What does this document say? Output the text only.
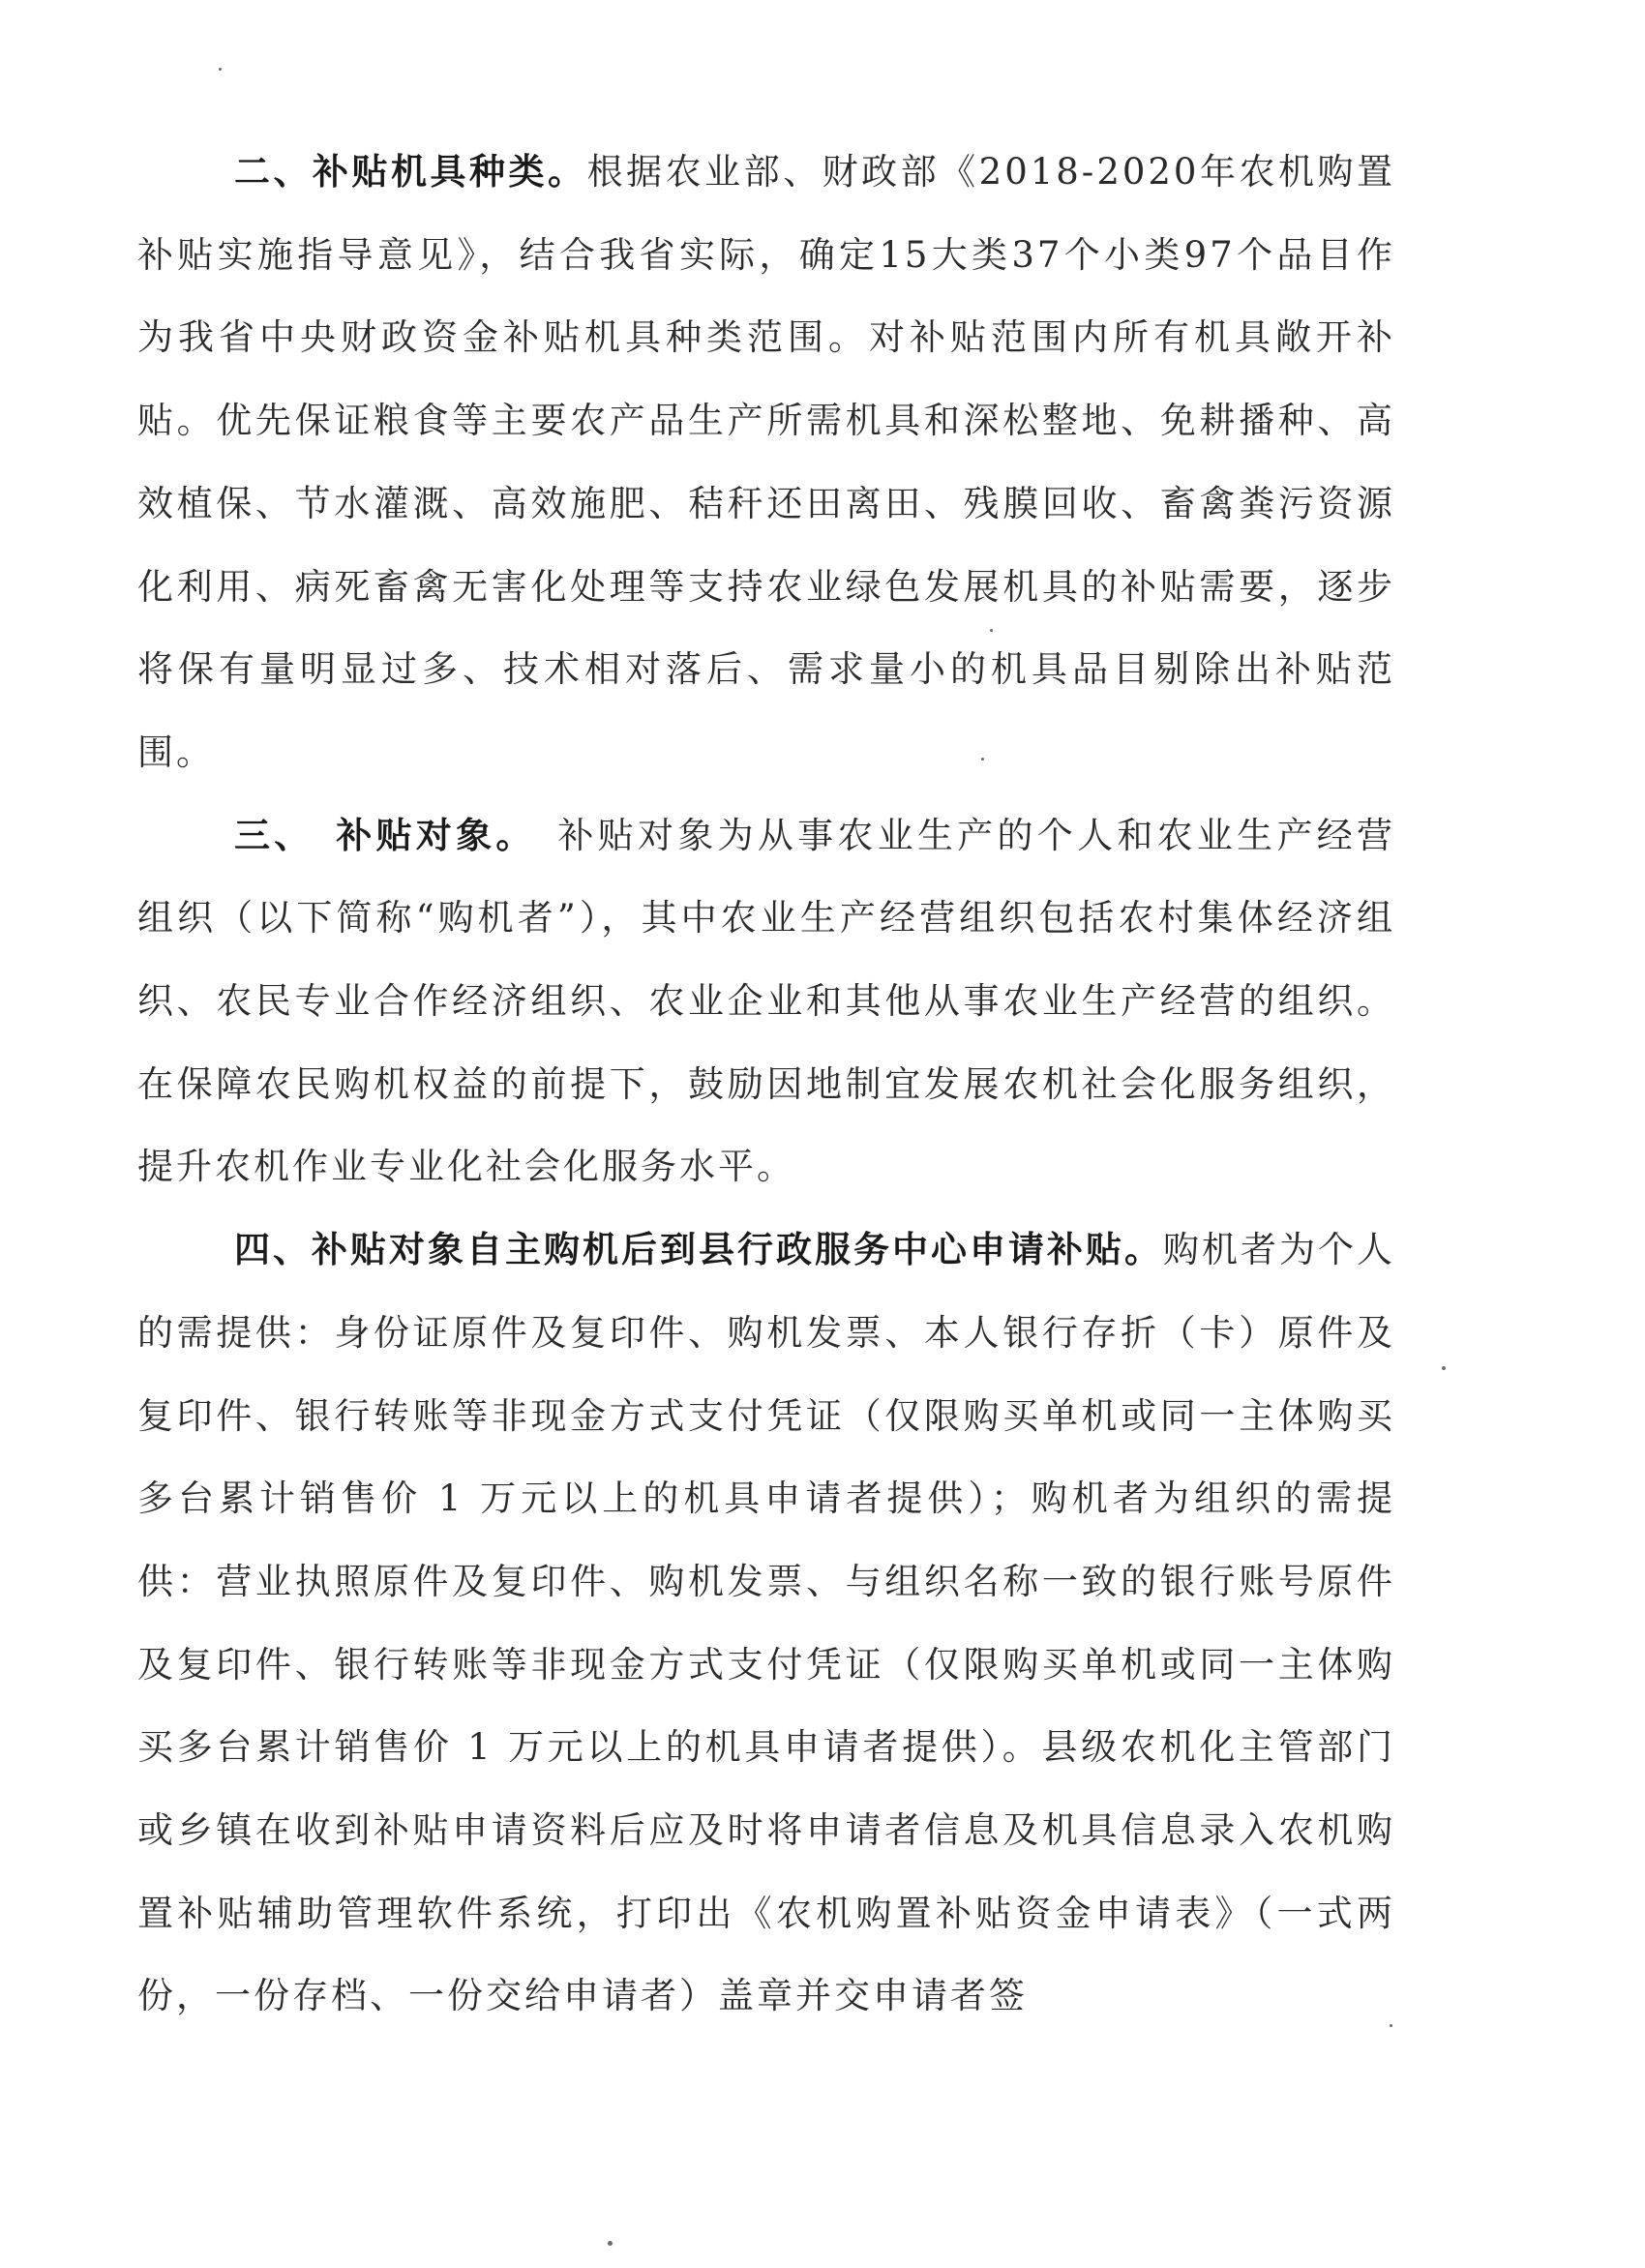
二、补贴机具种类。根据农业部、财政部《2018-2020年农机购置补贴实施指导意见》，结合我省实际，确定15大类37个小类97个品目作为我省中央财政资金补贴机具种类范围。对补贴范围内所有机具敞开补贴。优先保证粮食等主要农产品生产所需机具和深松整地、免耕播种、高效植保、节水灌溉、高效施肥、秸秆还田离田、残膜回收、畜禽粪污资源化利用、病死畜禽无害化处理等支持农业绿色发展机具的补贴需要，逐步将保有量明显过多、技术相对落后、需求量小的机具品目剔除出补贴范围。

三、　补贴对象。　补贴对象为从事农业生产的个人和农业生产经营组织（以下简称“购机者”），其中农业生产经营组织包括农村集体经济组织、农民专业合作经济组织、农业企业和其他从事农业生产经营的组织。在保障农民购机权益的前提下，鼓励因地制宜发展农机社会化服务组织，提升农机作业专业化社会化服务水平。

四、补贴对象自主购机后到县行政服务中心申请补贴。购机者为个人的需提供：身份证原件及复印件、购机发票、本人银行存折（卡）原件及复印件、银行转账等非现金方式支付凭证（仅限购买单机或同一主体购买多台累计销售价 1 万元以上的机具申请者提供）；购机者为组织的需提供：营业执照原件及复印件、购机发票、与组织名称一致的银行账号原件及复印件、银行转账等非现金方式支付凭证（仅限购买单机或同一主体购买多台累计销售价 1 万元以上的机具申请者提供）。县级农机化主管部门或乡镇在收到补贴申请资料后应及时将申请者信息及机具信息录入农机购置补贴辅助管理软件系统，打印出《农机购置补贴资金申请表》（一式两份，一份存档、一份交给申请者）盖章并交申请者签
